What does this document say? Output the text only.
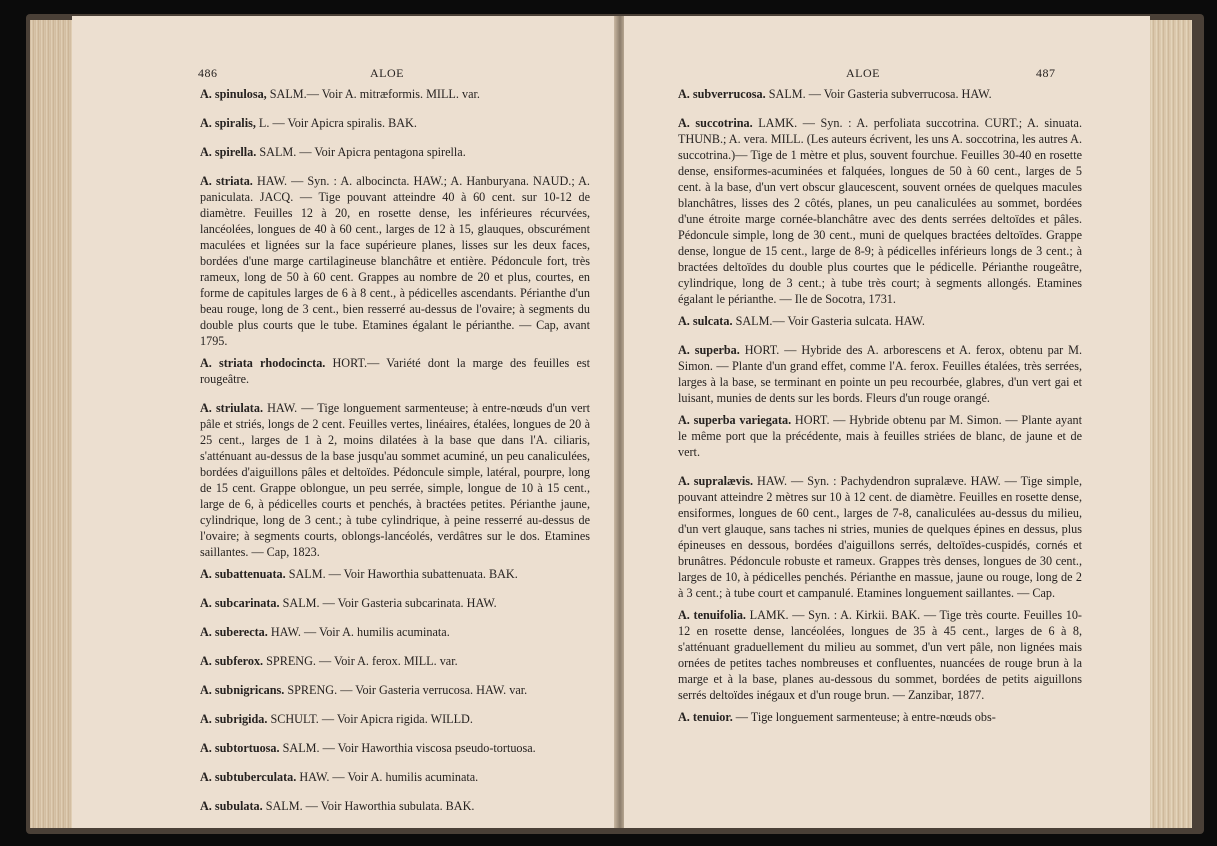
486	ALOE
A. spinulosa, SALM.— Voir A. mitræformis. MILL. var.
A. spiralis, L. — Voir Apicra spiralis. BAK.
A. spirella. SALM. — Voir Apicra pentagona spirella.
A. striata. HAW. — Syn. : A. albocincta. HAW.; A. Hanburyana. NAUD.; A. paniculata. JACQ. — Tige pouvant atteindre 40 à 60 cent. sur 10-12 de diamètre. Feuilles 12 à 20, en rosette dense, les inférieures récurvées, lancéolées, longues de 40 à 60 cent., larges de 12 à 15, glauques, obscurément maculées et lignées sur la face supérieure planes, lisses sur les deux faces, bordées d'une marge cartilagineuse blanchâtre et entière. Pédoncule fort, très rameux, long de 50 à 60 cent. Grappes au nombre de 20 et plus, courtes, en forme de capitules larges de 6 à 8 cent., à pédicelles ascendants. Périanthe d'un beau rouge, long de 3 cent., bien resserré au-dessus de l'ovaire; à segments du double plus courts que le tube. Etamines égalant le périanthe. — Cap, avant 1795.
A. striata rhodocincta. HORT.— Variété dont la marge des feuilles est rougeâtre.
A. striulata. HAW. — Tige longuement sarmenteuse; à entre-nœuds d'un vert pâle et striés, longs de 2 cent. Feuilles vertes, linéaires, étalées, longues de 20 à 25 cent., larges de 1 à 2, moins dilatées à la base que dans l'A. ciliaris, s'atténuant au-dessus de la base jusqu'au sommet acuminé, un peu canaliculées, bordées d'aiguillons pâles et deltoïdes. Pédoncule simple, latéral, pourpre, long de 15 cent. Grappe oblongue, un peu serrée, simple, longue de 10 à 15 cent., large de 6, à pédicelles courts et penchés, à bractées petites. Périanthe jaune, cylindrique, long de 3 cent.; à tube cylindrique, à peine resserré au-dessus de l'ovaire; à segments courts, oblongs-lancéolés, verdâtres sur le dos. Etamines saillantes. — Cap, 1823.
A. subattenuata. SALM. — Voir Haworthia subattenuata. BAK.
A. subcarinata. SALM. — Voir Gasteria subcarinata. HAW.
A. suberecta. HAW. — Voir A. humilis acuminata.
A. subferox. SPRENG. — Voir A. ferox. MILL. var.
A. subnigricans. SPRENG. — Voir Gasteria verrucosa. HAW. var.
A. subrigida. SCHULT. — Voir Apicra rigida. WILLD.
A. subtortuosa. SALM. — Voir Haworthia viscosa pseudo-tortuosa.
A. subtuberculata. HAW. — Voir A. humilis acuminata.
A. subulata. SALM. — Voir Haworthia subulata. BAK.
ALOE	487
A. subverrucosa. SALM. — Voir Gasteria subverrucosa. HAW.
A. succotrina. LAMK. — Syn. : A. perfoliata succotrina. CURT.; A. sinuata. THUNB.; A. vera. MILL. (Les auteurs écrivent, les uns A. soccotrina, les autres A. succotrina.)— Tige de 1 mètre et plus, souvent fourchue. Feuilles 30-40 en rosette dense, ensiformes-acuminées et falquées, longues de 50 à 60 cent., larges de 5 cent. à la base, d'un vert obscur glaucescent, souvent ornées de quelques macules blanchâtres, lisses des 2 côtés, planes, un peu canaliculées au sommet, bordées d'une étroite marge cornée-blanchâtre avec des dents serrées deltoïdes et pâles. Pédoncule simple, long de 30 cent., muni de quelques bractées deltoïdes. Grappe dense, longue de 15 cent., large de 8-9; à pédicelles inférieurs longs de 3 cent.; à bractées deltoïdes du double plus courtes que le pédicelle. Périanthe rougeâtre, cylindrique, long de 3 cent.; à tube très court; à segments allongés. Etamines égalant le périanthe. — Ile de Socotra, 1731.
A. sulcata. SALM.— Voir Gasteria sulcata. HAW.
A. superba. HORT. — Hybride des A. arborescens et A. ferox, obtenu par M. Simon. — Plante d'un grand effet, comme l'A. ferox. Feuilles étalées, très serrées, larges à la base, se terminant en pointe un peu recourbée, glabres, d'un vert gai et luisant, munies de dents sur les bords. Fleurs d'un rouge orangé.
A. superba variegata. HORT. — Hybride obtenu par M. Simon. — Plante ayant le même port que la précédente, mais à feuilles striées de blanc, de jaune et de vert.
A. supralævis. HAW. — Syn. : Pachydendron supralæve. HAW. — Tige simple, pouvant atteindre 2 mètres sur 10 à 12 cent. de diamètre. Feuilles en rosette dense, ensiformes, longues de 60 cent., larges de 7-8, canaliculées au-dessus du milieu, d'un vert glauque, sans taches ni stries, munies de quelques épines en dessus, plus épineuses en dessous, bordées d'aiguillons serrés, deltoïdes-cuspidés, cornés et brunâtres. Pédoncule robuste et rameux. Grappes très denses, longues de 30 cent., larges de 10, à pédicelles penchés. Périanthe en massue, jaune ou rouge, long de 2 à 3 cent.; à tube court et campanulé. Etamines longuement saillantes. — Cap.
A. tenuifolia. LAMK. — Syn. : A. Kirkii. BAK. — Tige très courte. Feuilles 10-12 en rosette dense, lancéolées, longues de 35 à 45 cent., larges de 6 à 8, s'atténuant graduellement du milieu au sommet, d'un vert pâle, non lignées mais ornées de petites taches nombreuses et confluentes, nuancées de rouge brun à la marge et à la base, planes au-dessous du sommet, bordées de petits aiguillons serrés deltoïdes inégaux et d'un rouge brun. — Zanzibar, 1877.
A. tenuior. — Tige longuement sarmenteuse; à entre-nœuds obs-
